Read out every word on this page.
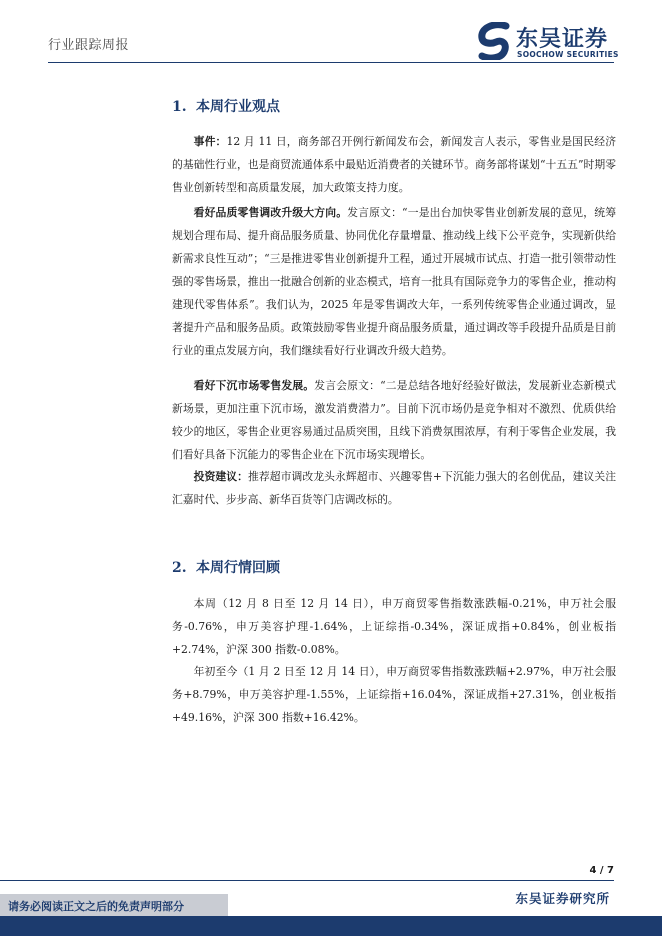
行业跟踪周报	东吴证券
SOOCHOW SECURITIES
1. 本周行业观点

事件：12 月 11 日，商务部召开例行新闻发布会，新闻发言人表示，零售业是国民经济的基础性行业，也是商贸流通体系中最贴近消费者的关键环节。商务部将谋划“十五五”时期零售业创新转型和高质量发展，加大政策支持力度。

看好品质零售调改升级大方向。发言原文：“一是出台加快零售业创新发展的意见，统筹规划合理布局、提升商品服务质量、协同优化存量增量、推动线上线下公平竞争，实现新供给新需求良性互动”；“三是推进零售业创新提升工程，通过开展城市试点、打造一批引领带动性强的零售场景，推出一批融合创新的业态模式，培育一批具有国际竞争力的零售企业，推动构建现代零售体系”。我们认为，2025 年是零售调改大年，一系列传统零售企业通过调改，显著提升产品和服务品质。政策鼓励零售业提升商品服务质量，通过调改等手段提升品质是目前行业的重点发展方向，我们继续看好行业调改升级大趋势。

看好下沉市场零售发展。发言会原文：“二是总结各地好经验好做法，发展新业态新模式新场景，更加注重下沉市场，激发消费潜力”。目前下沉市场仍是竞争相对不激烈、优质供给较少的地区，零售企业更容易通过品质突围，且线下消费氛围浓厚，有利于零售企业发展，我们看好具备下沉能力的零售企业在下沉市场实现增长。

投资建议：推荐超市调改龙头永辉超市、兴趣零售+下沉能力强大的名创优品，建议关注汇嘉时代、步步高、新华百货等门店调改标的。

2. 本周行情回顾

本周（12 月 8 日至 12 月 14 日），申万商贸零售指数涨跌幅-0.21%，申万社会服务-0.76%，申万美容护理-1.64%，上证综指-0.34%，深证成指+0.84%，创业板指+2.74%，沪深 300 指数-0.08%。

年初至今（1 月 2 日至 12 月 14 日），申万商贸零售指数涨跌幅+2.97%，申万社会服务+8.79%，申万美容护理-1.55%，上证综指+16.04%，深证成指+27.31%，创业板指+49.16%，沪深 300 指数+16.42%。

4 / 7
请务必阅读正文之后的免责声明部分
东吴证券研究所
